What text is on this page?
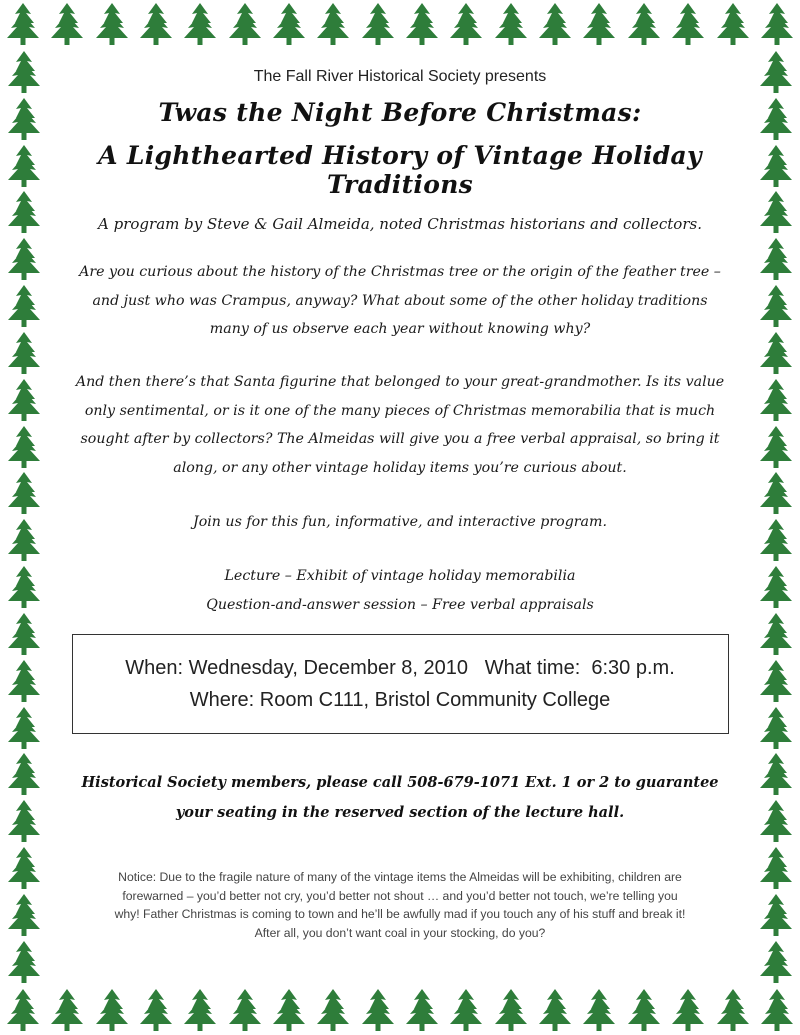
The Fall River Historical Society presents
Twas the Night Before Christmas:
A Lighthearted History of Vintage Holiday Traditions
A program by Steve & Gail Almeida, noted Christmas historians and collectors.
Are you curious about the history of the Christmas tree or the origin of the feather tree –
and just who was Crampus, anyway? What about some of the other holiday traditions
many of us observe each year without knowing why?
And then there’s that Santa figurine that belonged to your great-grandmother. Is its value
only sentimental, or is it one of the many pieces of Christmas memorabilia that is much
sought after by collectors? The Almeidas will give you a free verbal appraisal, so bring it
along, or any other vintage holiday items you’re curious about.
Join us for this fun, informative, and interactive program.
Lecture – Exhibit of vintage holiday memorabilia
Question-and-answer session – Free verbal appraisals
When: Wednesday, December 8, 2010   What time:  6:30 p.m.
Where: Room C111, Bristol Community College
Historical Society members, please call 508-679-1071 Ext. 1 or 2 to guarantee
your seating in the reserved section of the lecture hall.
Notice: Due to the fragile nature of many of the vintage items the Almeidas will be exhibiting, children are
forewarned – you’d better not cry, you’d better not shout … and you’d better not touch, we’re telling you
why! Father Christmas is coming to town and he’ll be awfully mad if you touch any of his stuff and break it!
After all, you don’t want coal in your stocking, do you?
